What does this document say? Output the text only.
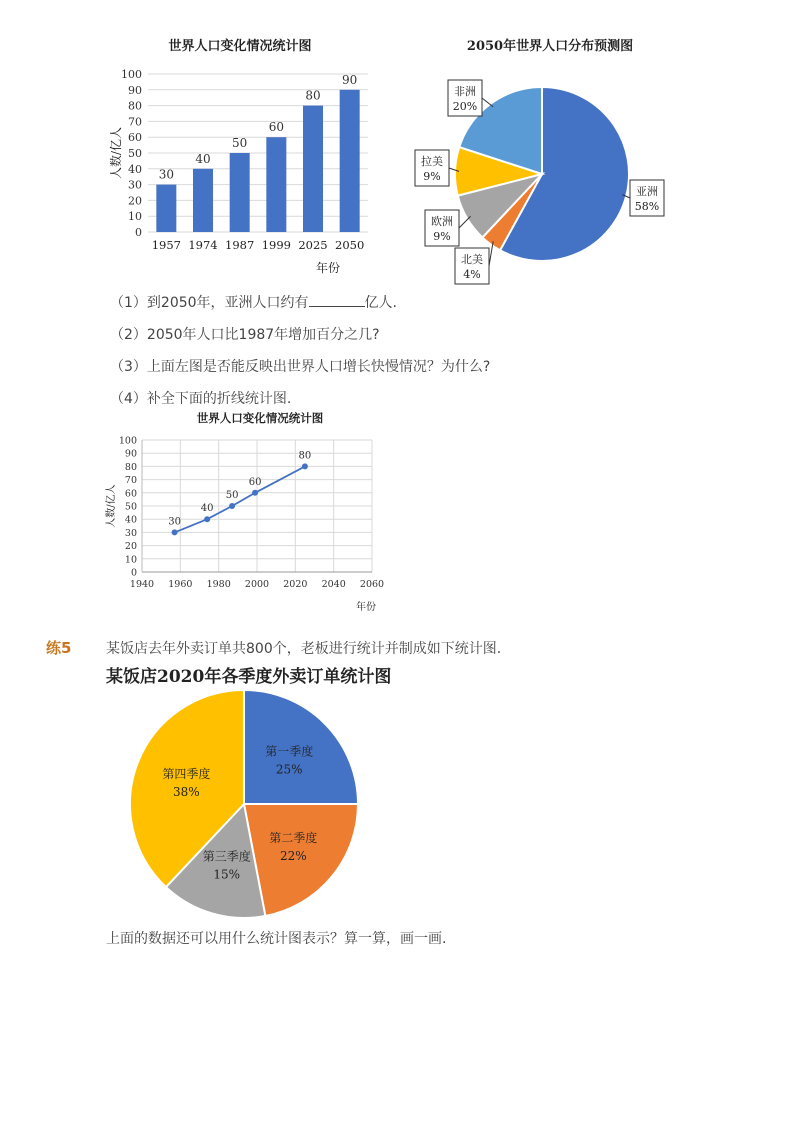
世界人口变化情况统计图
0
10
20
30
40
50
60
70
80
90
100
30
1957
40
1974
50
1987
60
1999
80
2025
90
2050
人数/亿人
年份
2050年世界人口分布预测图
亚洲
58%
北美
4%
欧洲
9%
拉美
9%
非洲
20%
（1）到2050年，亚洲人口约有	亿人.
（2）2050年人口比1987年增加百分之几?
（3）上面左图是否能反映出世界人口增长快慢情况？为什么?
（4）补全下面的折线统计图.
世界人口变化情况统计图
0
10
20
30
40
50
60
70
80
90
100
1940 1960 1980 2000 2020 2040 2060
30
40
50
60
80
人数/亿人
年份
练5 某饭店去年外卖订单共800个，老板进行统计并制成如下统计图.
某饭店2020年各季度外卖订单统计图
第一季度
25%
第二季度
22%
第三季度
15%
第四季度
38%
上面的数据还可以用什么统计图表示？算一算，画一画.
